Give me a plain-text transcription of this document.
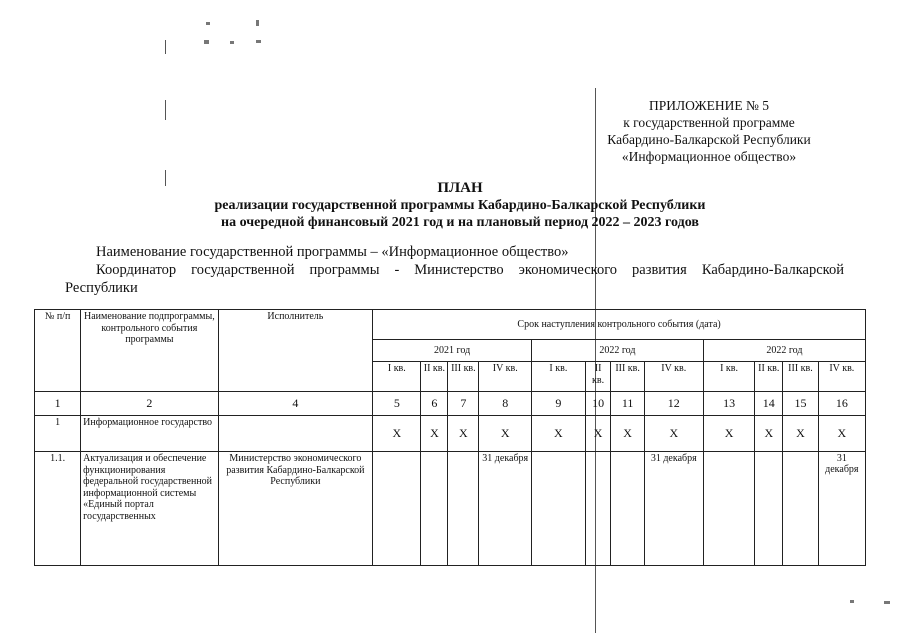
ПРИЛОЖЕНИЕ № 5
к государственной программе
Кабардино-Балкарской Республики
«Информационное общество»
ПЛАН
реализации государственной программы Кабардино-Балкарской Республики
на очередной финансовый 2021 год и на плановый период 2022 – 2023 годов
Наименование государственной программы – «Информационное общество»
Координатор государственной программы - Министерство экономического развития Кабардино-Балкарской
Республики
№ п/п	Наименование подпрограммы, контрольного события программы	Исполнитель	Срок наступления контрольного события (дата)											
			2021 год				2022 год				2022 год			
			I кв.	II кв.	III кв.	IV кв.	I кв.	II кв.	III кв.	IV кв.	I кв.	II кв.	III кв.	IV кв.
1	2	4	5	6	7	8	9	10	11	12	13	14	15	16
1	Информационное государство		X	X	X	X	X	X	X	X	X	X	X	X
1.1.	Актуализация и обеспечение функционирования федеральной государственной информационной системы «Единый портал государственных	Министерство экономического развития Кабардино-Балкарской Республики				31 декабря				31 декабря				31 декабря
